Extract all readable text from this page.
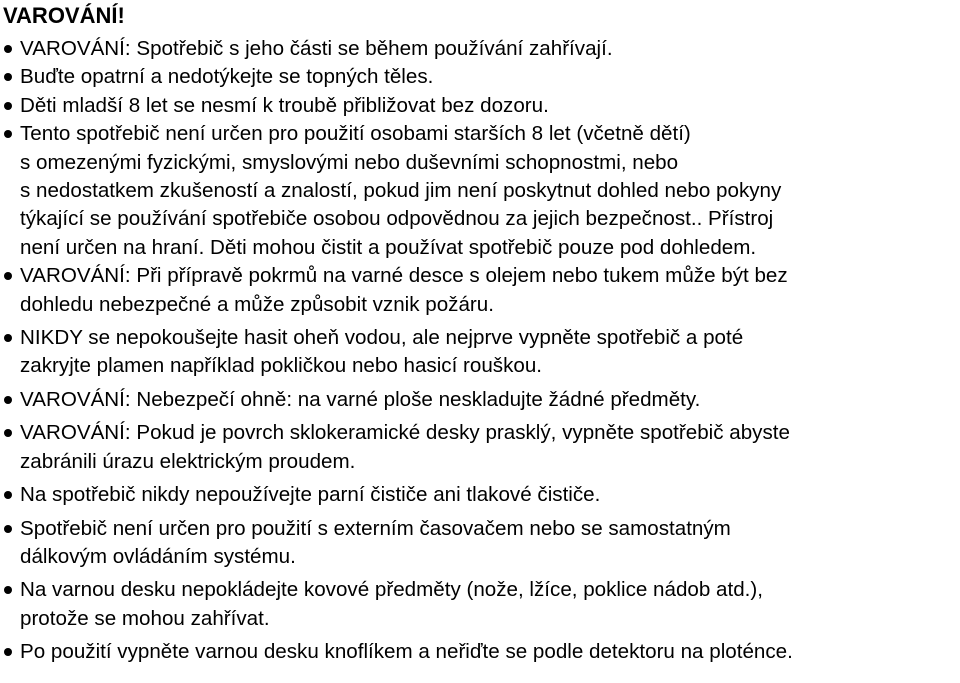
VAROVÁNÍ!
VAROVÁNÍ: Spotřebič s jeho části se během používání zahřívají.
Buďte opatrní a nedotýkejte se topných těles.
Děti mladší 8 let se nesmí k troubě přibližovat bez dozoru.
Tento spotřebič není určen pro použití osobami starších 8 let (včetně dětí)
s omezenými fyzickými, smyslovými nebo duševními schopnostmi, nebo
s nedostatkem zkušeností a znalostí, pokud jim není poskytnut dohled nebo pokyny
týkající se používání spotřebiče osobou odpovědnou za jejich bezpečnost.. Přístroj
není určen na hraní. Děti mohou čistit a používat spotřebič pouze pod dohledem.
VAROVÁNÍ: Při přípravě pokrmů na varné desce s olejem nebo tukem může být bez
dohledu nebezpečné a může způsobit vznik požáru.
NIKDY se nepokoušejte hasit oheň vodou, ale nejprve vypněte spotřebič a poté
zakryjte plamen například pokličkou nebo hasicí rouškou.
VAROVÁNÍ: Nebezpečí ohně: na varné ploše neskladujte žádné předměty.
VAROVÁNÍ: Pokud je povrch sklokeramické desky prasklý, vypněte spotřebič abyste
zabránili úrazu elektrickým proudem.
Na spotřebič nikdy nepoužívejte parní čističe ani tlakové čističe.
Spotřebič není určen pro použití s externím časovačem nebo se samostatným
dálkovým ovládáním systému.
Na varnou desku nepokládejte kovové předměty (nože, lžíce, poklice nádob atd.),
protože se mohou zahřívat.
Po použití vypněte varnou desku knoflíkem a neřiďte se podle detektoru na ploténce.
